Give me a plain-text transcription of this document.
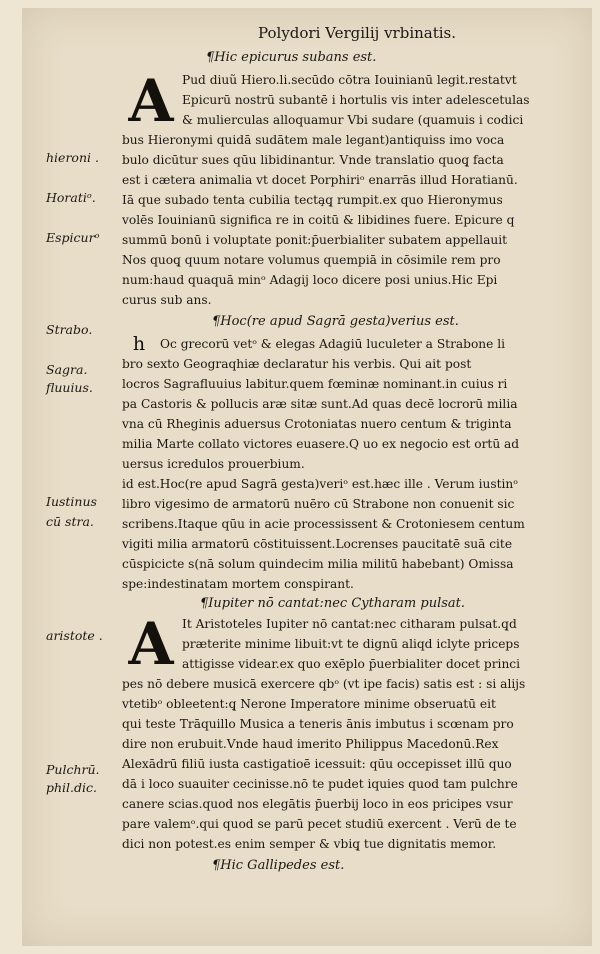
Polydori Vergilij vrbinatis.
¶Hic epicurus subans est.
A Pud diuũ Hiero.li.secūdo cōtra Iouinianū legit.restatvt
Epicurū nostrū subantē i hortulis vis inter adelescetulas
& mulierculas alloquamur Vbi sudare (quamuis i codici
bus Hieronymi quidā sudātem male legant)antiquiss imo voca
bulo dicūtur sues qūu libidinantur. Vnde translatio quoq̧ facta
est i cætera animalia vt docet Porphiriᵒ enarrās illud Horatianū.
Iā que subado tenta cubilia tecta̧q̧ rumpit.ex quo Hieronymus
volēs Iouinianū significa re in coitū & libidines fuere. Epicure q
summū bonū i voluptate ponit:p̄uerbialiter subatem appellauit
Nos quoq̧ quum notare volumus quempiā in cōsimile rem pro
num:haud quaquā minᵒ Adagij loco dicere posi unius.Hic Epi
curus sub ans.
¶Hoc(re apud Sagrā gesta)verius est.
h	Oc grecorū vetᵒ & elegas Adagiū luculeter a Strabone li
bro sexto Geograqhiæ declaratur his verbis. Qui ait post
locros Sagrafluuius labitur.quem fœminæ nominant.in cuius ri
pa Castoris & pollucis aræ sitæ sunt.Ad quas decē locrorū milia
vna cū Rheginis aduersus Crotoniatas nuero centum & triginta
milia Marte collato victores euasere.Q uo ex negocio est ortū ad
uersus icredulos prouerbium.
id est.Hoc(re apud Sagrā gesta)veriᵒ est.hæc ille . Verum iustinᵒ
libro vigesimo de armatorū nuēro cū Strabone non conuenit sic
scribens.Itaque qūu in acie processissent & Crotoniesem centum
vigiti milia armatorū cōstituissent.Locrenses paucitatē suā cite
cūspicicte s(nā solum quindecim milia militū habebant) Omissa
spe:indestinatam mortem conspirant.
¶Iupiter nō cantat:nec Cytharam pulsat.
A It Aristoteles Iupiter nō cantat:nec citharam pulsat.q̧d
præterite minime libuit:vt te dignū aliqd iclyte priceps
attigisse videar.ex quo exēplo p̄uerbialiter docet princi
pes nō debere musicā exercere qbᵒ (vt ipe facis) satis est : si alijs
vtetibᵒ obleetent:q̧ Nerone Imperatore minime obseruatū eit
qui teste Trāquillo Musica a teneris ānis imbutus i scœnam pro
dire non erubuit.Vnde haud imerito Philippus Macedonū.Rex
Alexādrū filiū iusta castigatioē icessuit: qūu occepisset illū quo
dā i loco suauiter cecinisse.nō te pudet iquies quod tam pulchre
canere scias.quod nos elegātis p̄uerbij loco in eos pricipes vsur
pare valemᵒ.qui quod se parū pecet studiū exercent . Verū de te
dici non potest.es enim semper & vbiq̧ tue dignitatis memor.
¶Hic Gallipedes est.
hieroni .
Horatiᵒ.
Espicurᵒ
Strabo.
Sagra.
fluuius.
Iustinus
cū stra.
aristote .
Pulchrū.
phil.dic.
